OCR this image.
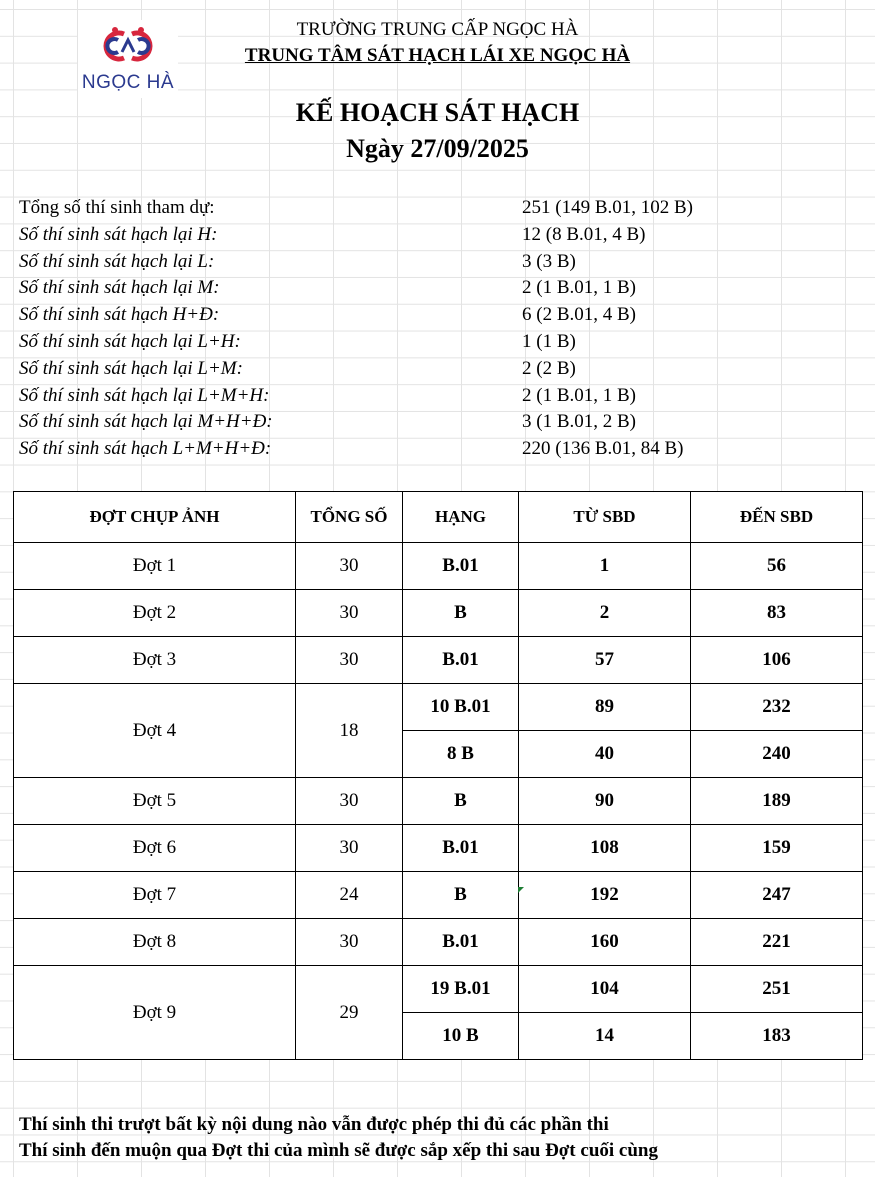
NGỌC HÀ
TRƯỜNG TRUNG CẤP NGỌC HÀ
TRUNG TÂM SÁT HẠCH LÁI XE NGỌC HÀ
KẾ HOẠCH SÁT HẠCH
Ngày 27/09/2025
Tổng số thí sinh tham dự:	251 (149 B.01, 102 B)
Số thí sinh sát hạch lại H:	12 (8 B.01, 4 B)
Số thí sinh sát hạch lại L:	3 (3 B)
Số thí sinh sát hạch lại M:	2 (1 B.01, 1 B)
Số thí sinh sát hạch H+Đ:	6 (2 B.01, 4 B)
Số thí sinh sát hạch lại L+H:	1 (1 B)
Số thí sinh sát hạch lại L+M:	2 (2 B)
Số thí sinh sát hạch lại L+M+H:	2 (1 B.01, 1 B)
Số thí sinh sát hạch lại M+H+Đ:	3 (1 B.01, 2 B)
Số thí sinh sát hạch L+M+H+Đ:	220 (136 B.01, 84 B)
ĐỢT CHỤP ẢNH	TỔNG SỐ	HẠNG	TỪ SBD	ĐẾN SBD
Đợt 1	30	B.01	1	56
Đợt 2	30	B	2	83
Đợt 3	30	B.01	57	106
Đợt 4	18	10 B.01	89	232
		8 B	40	240
Đợt 5	30	B	90	189
Đợt 6	30	B.01	108	159
Đợt 7	24	B	192	247
Đợt 8	30	B.01	160	221
Đợt 9	29	19 B.01	104	251
		10 B	14	183
Thí sinh thi trượt bất kỳ nội dung nào vẫn được phép thi đủ các phần thi
Thí sinh đến muộn qua Đợt thi của mình sẽ được sắp xếp thi sau Đợt cuối cùng
